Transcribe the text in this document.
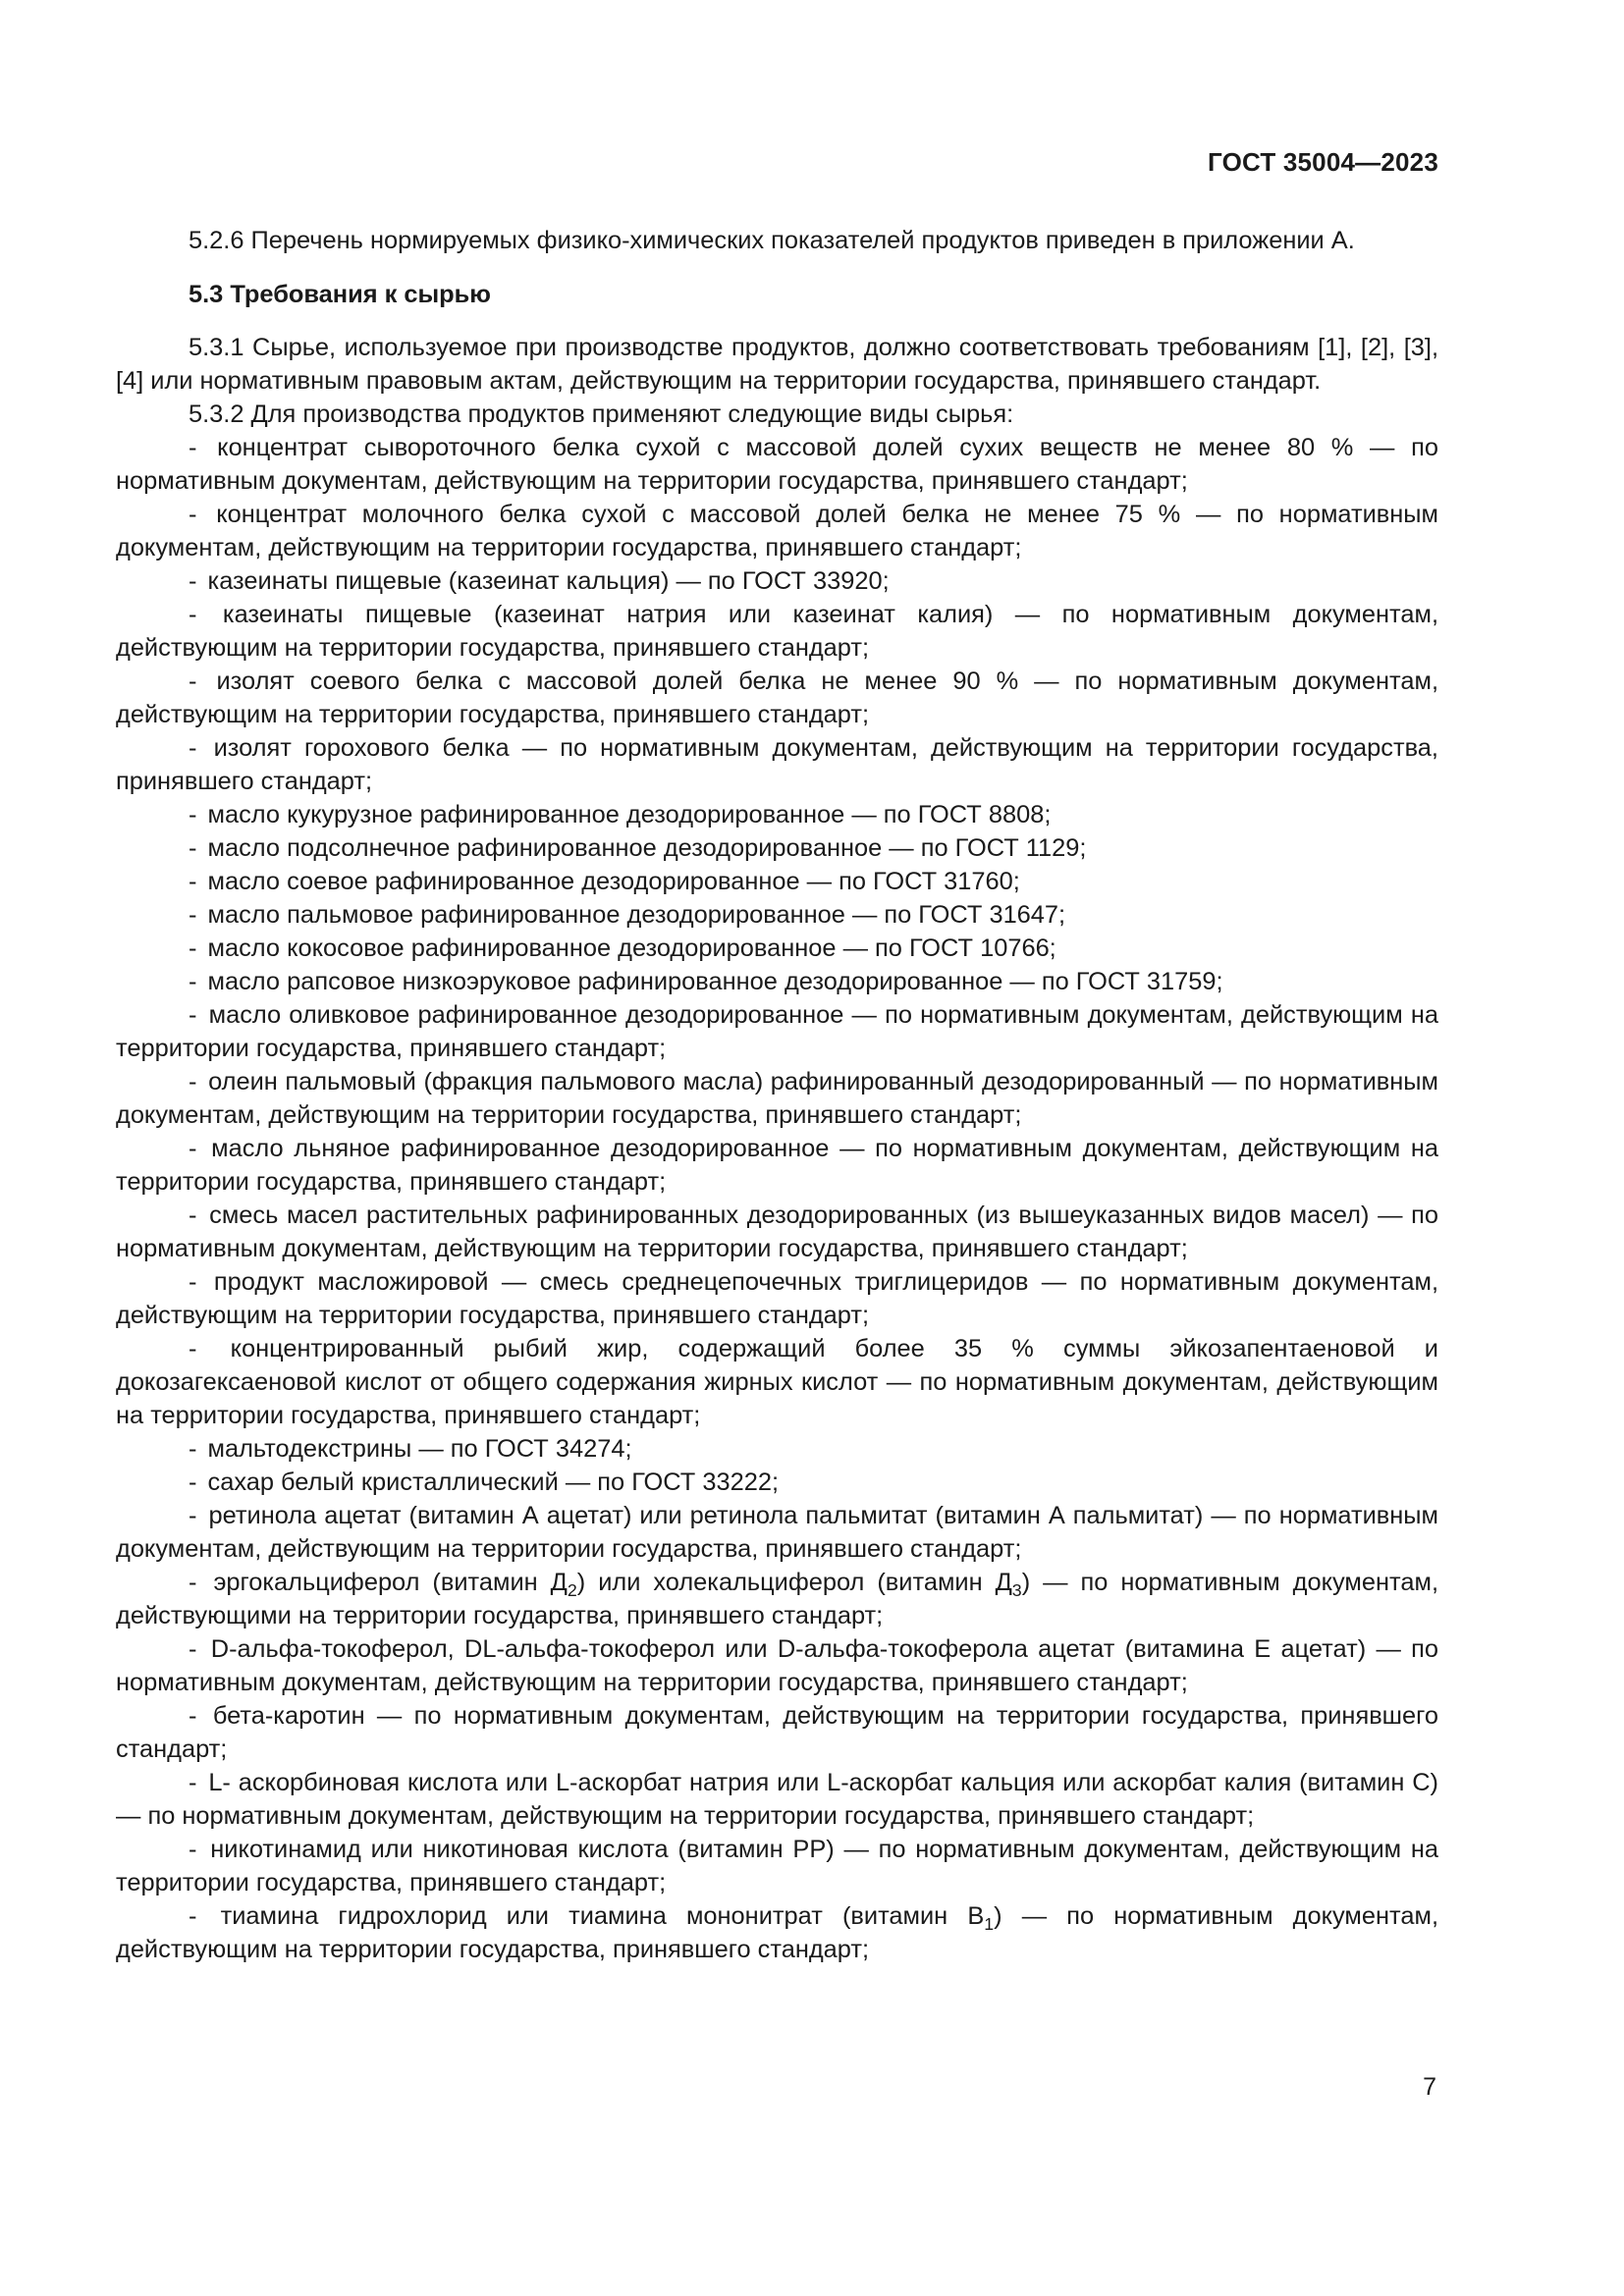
ГОСТ 35004—2023

5.2.6 Перечень нормируемых физико-химических показателей продуктов приведен в приложении А.

5.3 Требования к сырью

5.3.1 Сырье, используемое при производстве продуктов, должно соответствовать требованиям [1], [2], [3], [4] или нормативным правовым актам, действующим на территории государства, принявшего стандарт.

5.3.2 Для производства продуктов применяют следующие виды сырья:

- концентрат сывороточного белка сухой с массовой долей сухих веществ не менее 80 % — по нормативным документам, действующим на территории государства, принявшего стандарт;

- концентрат молочного белка сухой с массовой долей белка не менее 75 % — по нормативным документам, действующим на территории государства, принявшего стандарт;

- казеинаты пищевые (казеинат кальция) — по ГОСТ 33920;

- казеинаты пищевые (казеинат натрия или казеинат калия) — по нормативным документам, действующим на территории государства, принявшего стандарт;

- изолят соевого белка с массовой долей белка не менее 90 % — по нормативным документам, действующим на территории государства, принявшего стандарт;

- изолят горохового белка — по нормативным документам, действующим на территории государства, принявшего стандарт;

- масло кукурузное рафинированное дезодорированное — по ГОСТ 8808;

- масло подсолнечное рафинированное дезодорированное — по ГОСТ 1129;

- масло соевое рафинированное дезодорированное — по ГОСТ 31760;

- масло пальмовое рафинированное дезодорированное — по ГОСТ 31647;

- масло кокосовое рафинированное дезодорированное — по ГОСТ 10766;

- масло рапсовое низкоэруковое рафинированное дезодорированное — по ГОСТ 31759;

- масло оливковое рафинированное дезодорированное — по нормативным документам, действующим на территории государства, принявшего стандарт;

- олеин пальмовый (фракция пальмового масла) рафинированный дезодорированный — по нормативным документам, действующим на территории государства, принявшего стандарт;

- масло льняное рафинированное дезодорированное — по нормативным документам, действующим на территории государства, принявшего стандарт;

- смесь масел растительных рафинированных дезодорированных (из вышеуказанных видов масел) — по нормативным документам, действующим на территории государства, принявшего стандарт;

- продукт масложировой — смесь среднецепочечных триглицеридов — по нормативным документам, действующим на территории государства, принявшего стандарт;

- концентрированный рыбий жир, содержащий более 35 % суммы эйкозапентаеновой и докозагексаеновой кислот от общего содержания жирных кислот — по нормативным документам, действующим на территории государства, принявшего стандарт;

- мальтодекстрины — по ГОСТ 34274;

- сахар белый кристаллический — по ГОСТ 33222;

- ретинола ацетат (витамин А ацетат) или ретинола пальмитат (витамин А пальмитат) — по нормативным документам, действующим на территории государства, принявшего стандарт;

- эргокальциферол (витамин $Д_2$) или холекальциферол (витамин $Д_3$) — по нормативным документам, действующими на территории государства, принявшего стандарт;

- D-альфа-токоферол, DL-альфа-токоферол или D-альфа-токоферола ацетат (витамина Е ацетат) — по нормативным документам, действующим на территории государства, принявшего стандарт;

- бета-каротин — по нормативным документам, действующим на территории государства, принявшего стандарт;

- L- аскорбиновая кислота или L-аскорбат натрия или L-аскорбат кальция или аскорбат калия (витамин С) — по нормативным документам, действующим на территории государства, принявшего стандарт;

- никотинамид или никотиновая кислота (витамин PP) — по нормативным документам, действующим на территории государства, принявшего стандарт;

- тиамина гидрохлорид или тиамина мононитрат (витамин $В_1$) — по нормативным документам, действующим на территории государства, принявшего стандарт;

7
